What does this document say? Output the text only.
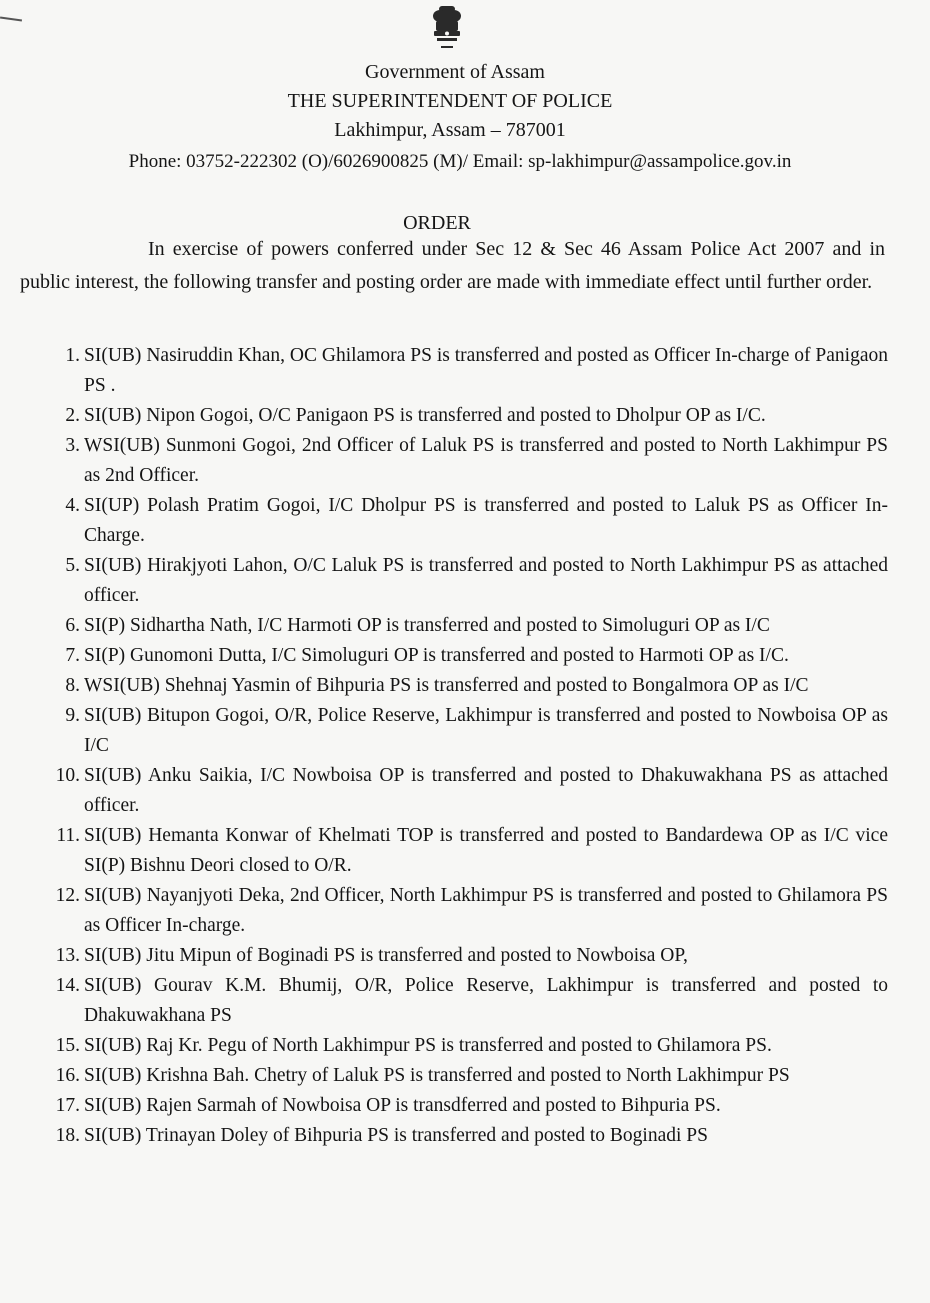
Government of Assam
THE SUPERINTENDENT OF POLICE
Lakhimpur, Assam – 787001
Phone: 03752-222302 (O)/6026900825 (M)/ Email: sp-lakhimpur@assampolice.gov.in
ORDER
In exercise of powers conferred under Sec 12 & Sec 46 Assam Police Act 2007 and in public interest, the following transfer and posting order are made with immediate effect until further order.
1. SI(UB) Nasiruddin Khan, OC Ghilamora PS is transferred and posted as Officer In-charge of Panigaon PS .
2. SI(UB) Nipon Gogoi, O/C Panigaon PS is transferred and posted to Dholpur OP as I/C.
3. WSI(UB) Sunmoni Gogoi, 2nd Officer of Laluk PS is transferred and posted to North Lakhimpur PS as 2nd Officer.
4. SI(UP) Polash Pratim Gogoi, I/C Dholpur PS is transferred and posted to Laluk PS as Officer In-Charge.
5. SI(UB) Hirakjyoti Lahon, O/C Laluk PS is transferred and posted to North Lakhimpur PS as attached officer.
6. SI(P) Sidhartha Nath, I/C Harmoti OP is transferred and posted to Simoluguri OP as I/C
7. SI(P) Gunomoni Dutta, I/C Simoluguri OP is transferred and posted to Harmoti OP as I/C.
8. WSI(UB) Shehnaj Yasmin of Bihpuria PS is transferred and posted to Bongalmora OP as I/C
9. SI(UB) Bitupon Gogoi, O/R, Police Reserve, Lakhimpur is transferred and posted to Nowboisa OP as I/C
10. SI(UB) Anku Saikia, I/C Nowboisa OP is transferred and posted to Dhakuwakhana PS as attached officer.
11. SI(UB) Hemanta Konwar of Khelmati TOP is transferred and posted to Bandardewa OP as I/C vice SI(P) Bishnu Deori closed to O/R.
12. SI(UB) Nayanjyoti Deka, 2nd Officer, North Lakhimpur PS is transferred and posted to Ghilamora PS as Officer In-charge.
13. SI(UB) Jitu Mipun of Boginadi PS is transferred and posted to Nowboisa OP,
14. SI(UB) Gourav K.M. Bhumij, O/R, Police Reserve, Lakhimpur is transferred and posted to Dhakuwakhana PS
15. SI(UB) Raj Kr. Pegu of North Lakhimpur PS is transferred and posted to Ghilamora PS.
16. SI(UB) Krishna Bah. Chetry of Laluk PS is transferred and posted to North Lakhimpur PS
17. SI(UB) Rajen Sarmah of Nowboisa OP is transdferred and posted to Bihpuria PS.
18. SI(UB) Trinayan Doley of Bihpuria PS is transferred and posted to Boginadi PS
